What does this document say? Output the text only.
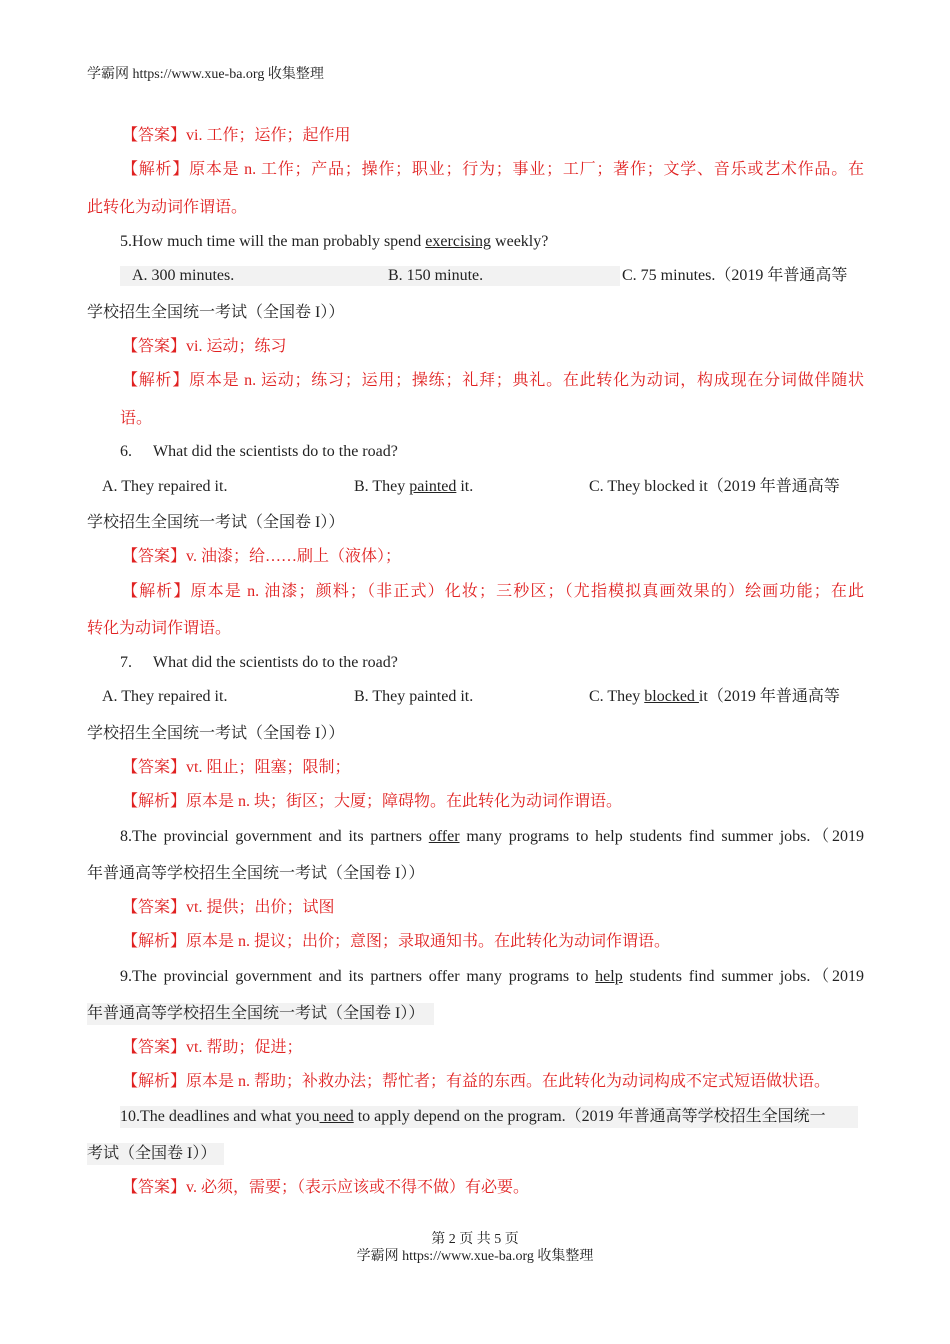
学霸网 https://www.xue-ba.org 收集整理
【答案】vi. 工作；运作；起作用
【解析】原本是 n. 工作；产品；操作；职业；行为；事业；工厂；著作；文学、音乐或艺术作品。在
此转化为动词作谓语。
5.How much time will the man probably spend exercising weekly?
A. 300 minutes.	B. 150 minute.	C. 75 minutes.（2019 年普通高等
学校招生全国统一考试（全国卷 I））
【答案】vi. 运动；练习
【解析】原本是 n. 运动；练习；运用；操练；礼拜；典礼。在此转化为动词，构成现在分词做伴随状
语。
6. What did the scientists do to the road?
A. They repaired it.	B. They painted it.	C. They blocked it（2019 年普通高等
学校招生全国统一考试（全国卷 I））
【答案】v. 油漆；给……刷上（液体）；
【解析】原本是 n. 油漆；颜料；（非正式）化妆；三秒区；（尤指模拟真画效果的）绘画功能；在此
转化为动词作谓语。
7. What did the scientists do to the road?
A. They repaired it.	B. They painted it.	C. They blocked it（2019 年普通高等
学校招生全国统一考试（全国卷 I））
【答案】vt. 阻止；阻塞；限制；
【解析】原本是 n. 块；街区；大厦；障碍物。在此转化为动词作谓语。
8.The provincial government and its partners offer many programs to help students find summer jobs.（2019
年普通高等学校招生全国统一考试（全国卷 I））
【答案】vt. 提供；出价；试图
【解析】原本是 n. 提议；出价；意图；录取通知书。在此转化为动词作谓语。
9.The provincial government and its partners offer many programs to help students find summer jobs.（2019
年普通高等学校招生全国统一考试（全国卷 I））
【答案】vt. 帮助；促进；
【解析】原本是 n. 帮助；补救办法；帮忙者；有益的东西。在此转化为动词构成不定式短语做状语。
10.The deadlines and what you need to apply depend on the program.（2019 年普通高等学校招生全国统一
考试（全国卷 I））
【答案】v. 必须，需要；（表示应该或不得不做）有必要。
第 2 页 共 5 页
学霸网 https://www.xue-ba.org 收集整理
